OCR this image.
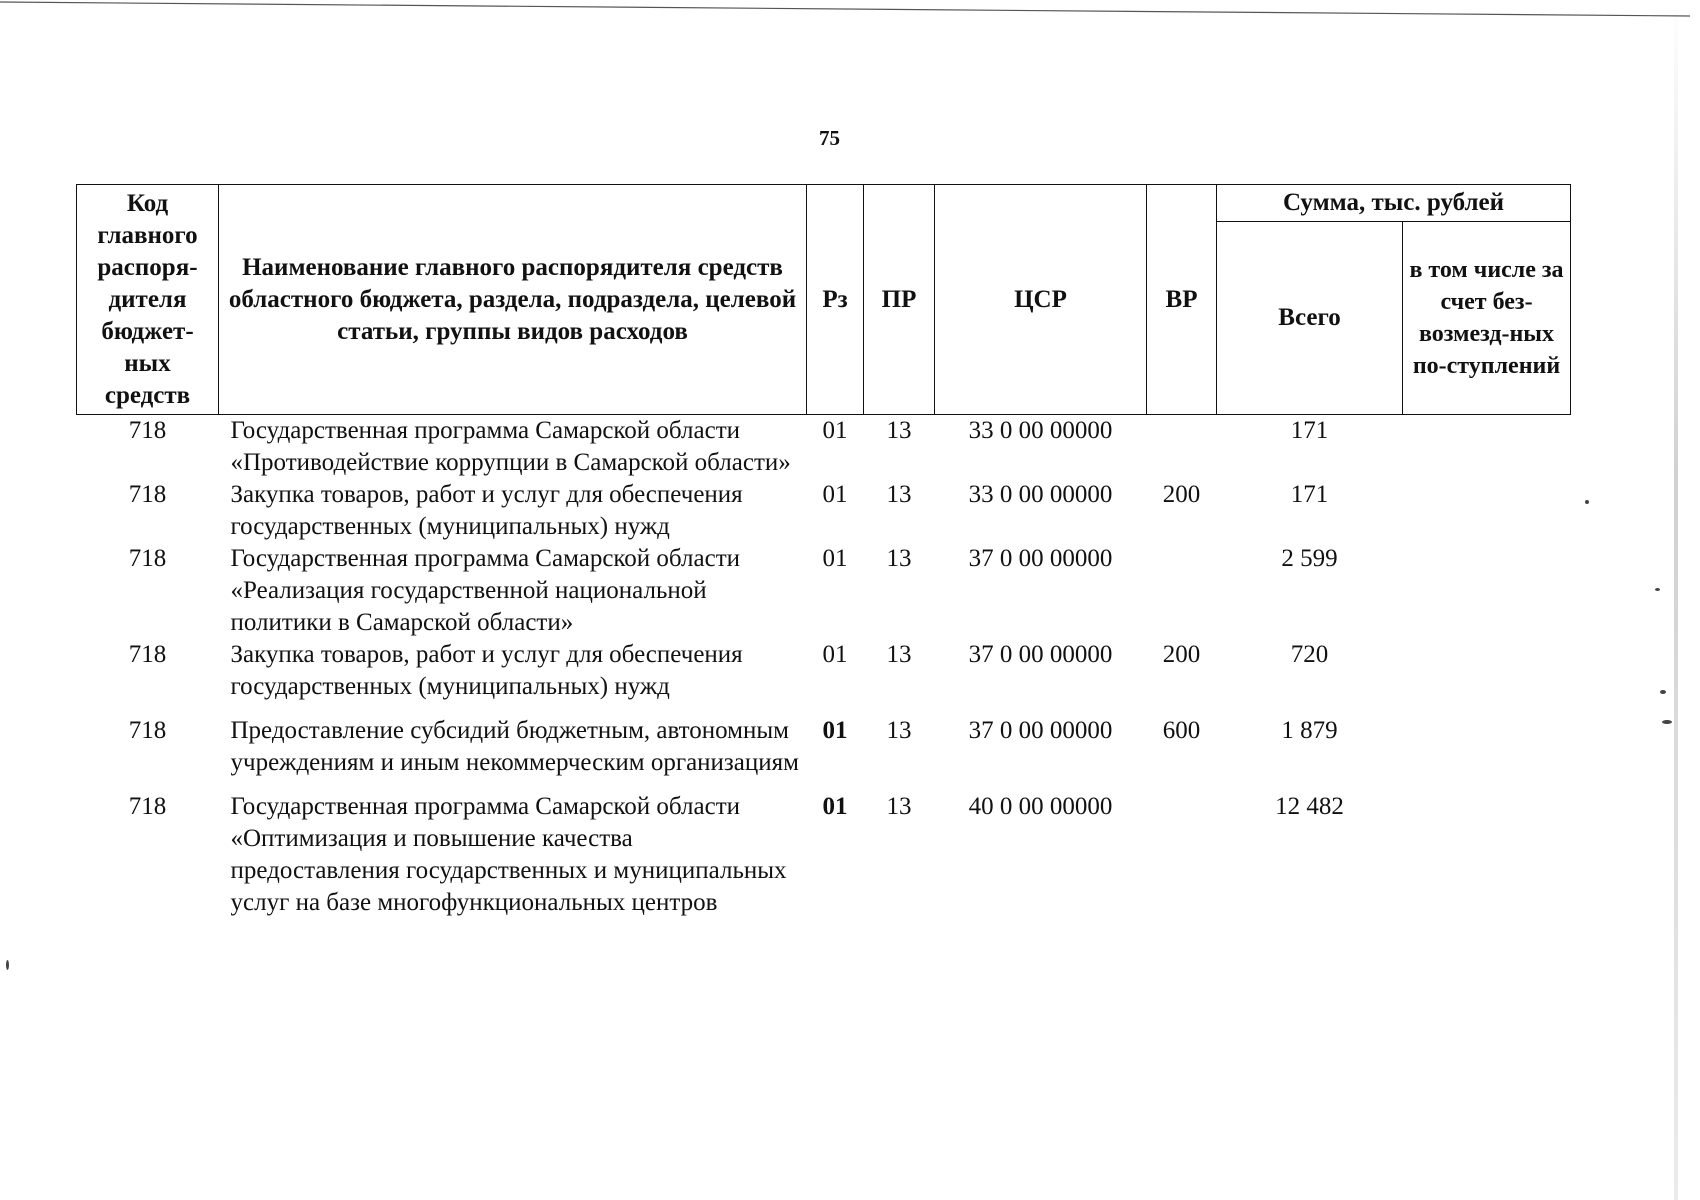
75
Код главного распоря-дителя бюджет-ных средств	Наименование главного распорядителя средств областного бюджета, раздела, подраздела, целевой статьи, группы видов расходов	Рз	ПР	ЦСР	ВР	Сумма, тыс. рублей	
						Всего	в том числе за счет без-возмезд-ных по-ступлений
718	Государственная программа Самарской области «Противодействие коррупции в Самарской области»	01	13	33 0 00 00000		171	
718	Закупка товаров, работ и услуг для обеспечения государственных (муниципальных) нужд	01	13	33 0 00 00000	200	171	
718	Государственная программа Самарской области «Реализация государственной национальной политики в Самарской области»	01	13	37 0 00 00000		2 599	
718	Закупка товаров, работ и услуг для обеспечения государственных (муниципальных) нужд	01	13	37 0 00 00000	200	720	
718	Предоставление субсидий бюджетным, автономным учреждениям и иным некоммерческим организациям	01	13	37 0 00 00000	600	1 879	
718	Государственная программа Самарской области «Оптимизация и повышение качества предоставления государственных и муниципальных услуг на базе многофункциональных центров	01	13	40 0 00 00000		12 482	
